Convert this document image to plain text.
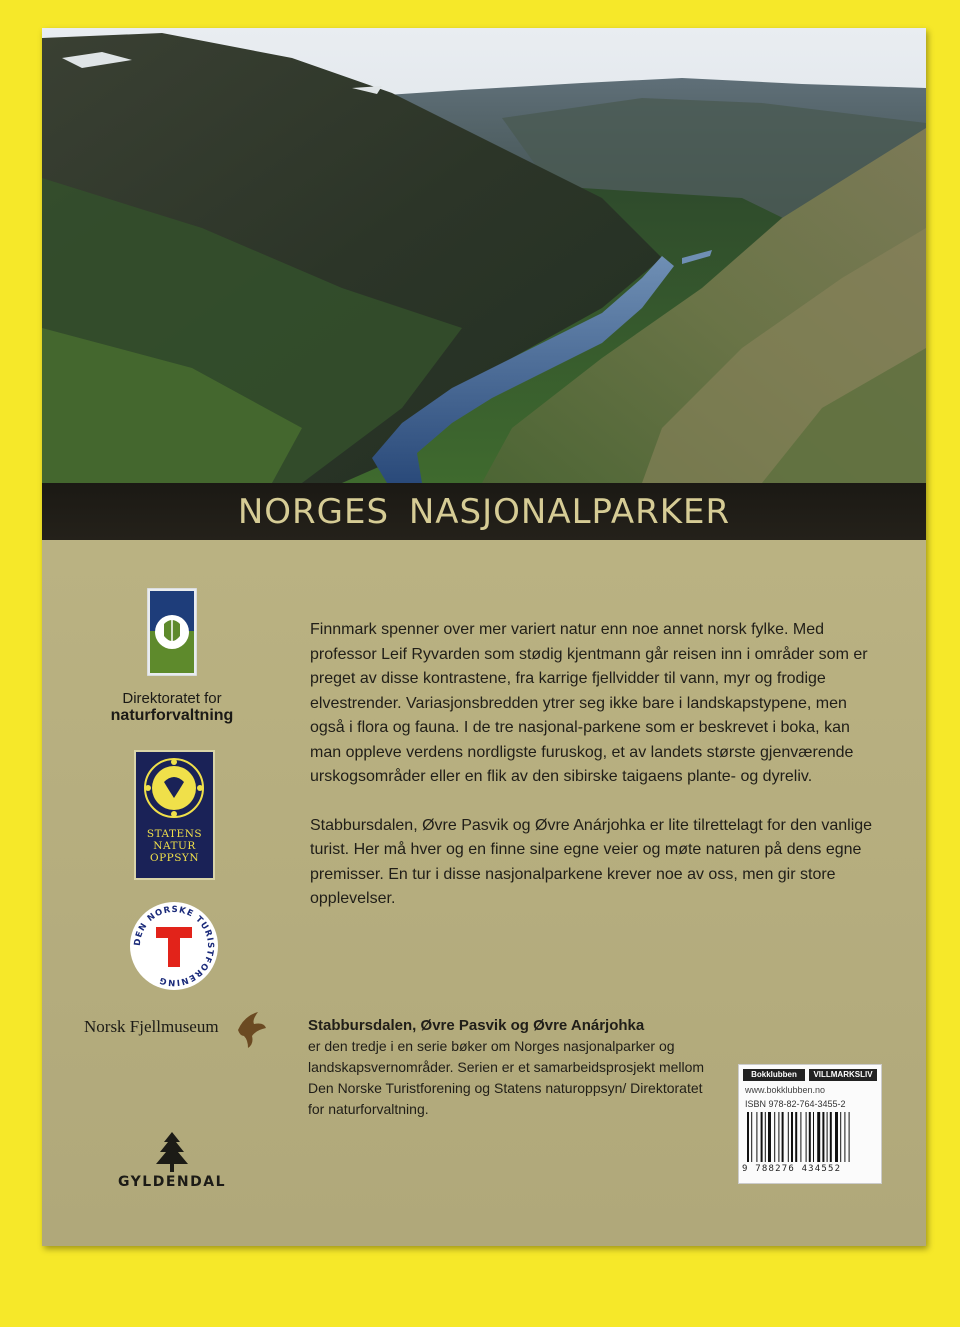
NORGES NASJONALPARKER
Direktoratet for
naturforvaltning
STATENS
NATUR
OPPSYN
DEN NORSKE TURISTFORENING
Norsk Fjellmuseum
GYLDENDAL

Finnmark spenner over mer variert natur enn noe annet norsk fylke. Med professor Leif Ryvarden som stødig kjentmann går reisen inn i områder som er preget av disse kontrastene, fra karrige fjellvidder til vann, myr og frodige elvestrender. Variasjonsbredden ytrer seg ikke bare i landskapstypene, men også i flora og fauna. I de tre nasjonal-parkene som er beskrevet i boka, kan man oppleve verdens nordligste furuskog, et av landets største gjenværende urskogsområder eller en flik av den sibirske taigaens plante- og dyreliv.

Stabbursdalen, Øvre Pasvik og Øvre Anárjohka er lite tilrettelagt for den vanlige turist. Her må hver og en finne sine egne veier og møte naturen på dens egne premisser. En tur i disse nasjonalparkene krever noe av oss, men gir store opplevelser.

Stabbursdalen, Øvre Pasvik og Øvre Anárjohka
er den tredje i en serie bøker om Norges nasjonalparker og landskapsvernområder. Serien er et samarbeidsprosjekt mellom Den Norske Turistforening og Statens naturoppsyn/ Direktoratet for naturforvaltning.
Bokklubben	VILLMARKSLIV
www.bokklubben.no
ISBN 978-82-764-3455-2
9 788276 434552
